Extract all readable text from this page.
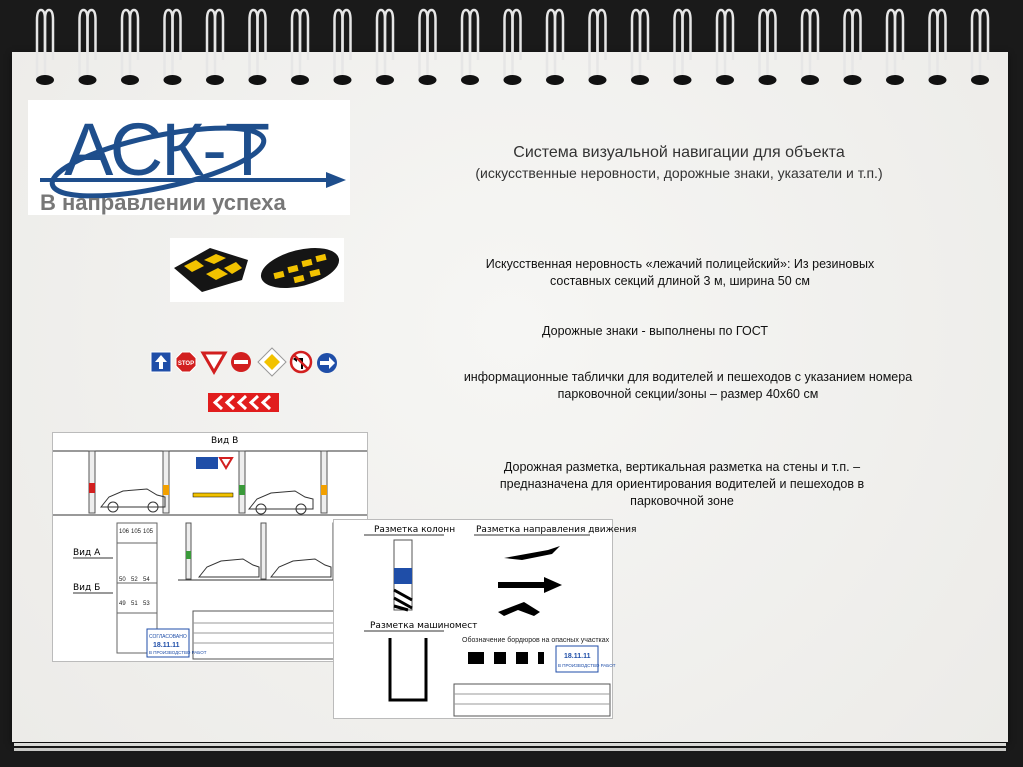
АСК-Т
В направлении успеха
Система визуальной навигации для объекта
(искусственные неровности, дорожные знаки, указатели и т.п.)
STOP
Искусственная неровность «лежачий полицейский»: Из резиновых составных секций длиной 3 м, ширина 50 см
Дорожные знаки - выполнены по ГОСТ
информационные таблички для водителей и пешеходов с указанием номера парковочной секции/зоны – размер 40х60 см
Дорожная разметка, вертикальная разметка на стены и т.п. – предназначена для ориентирования водителей и пешеходов в парковочной зоне
Вид В
Вид А
Вид Б
106 105 105
50 52 54
49 51 53
СОГЛАСОВАНО
18.11.11
В ПРОИЗВОДСТВО РАБОТ
Разметка колонн Разметка направления движения
Разметка машиномест
Обозначение бордюров на опасных участках
18.11.11
В ПРОИЗВОДСТВО РАБОТ
